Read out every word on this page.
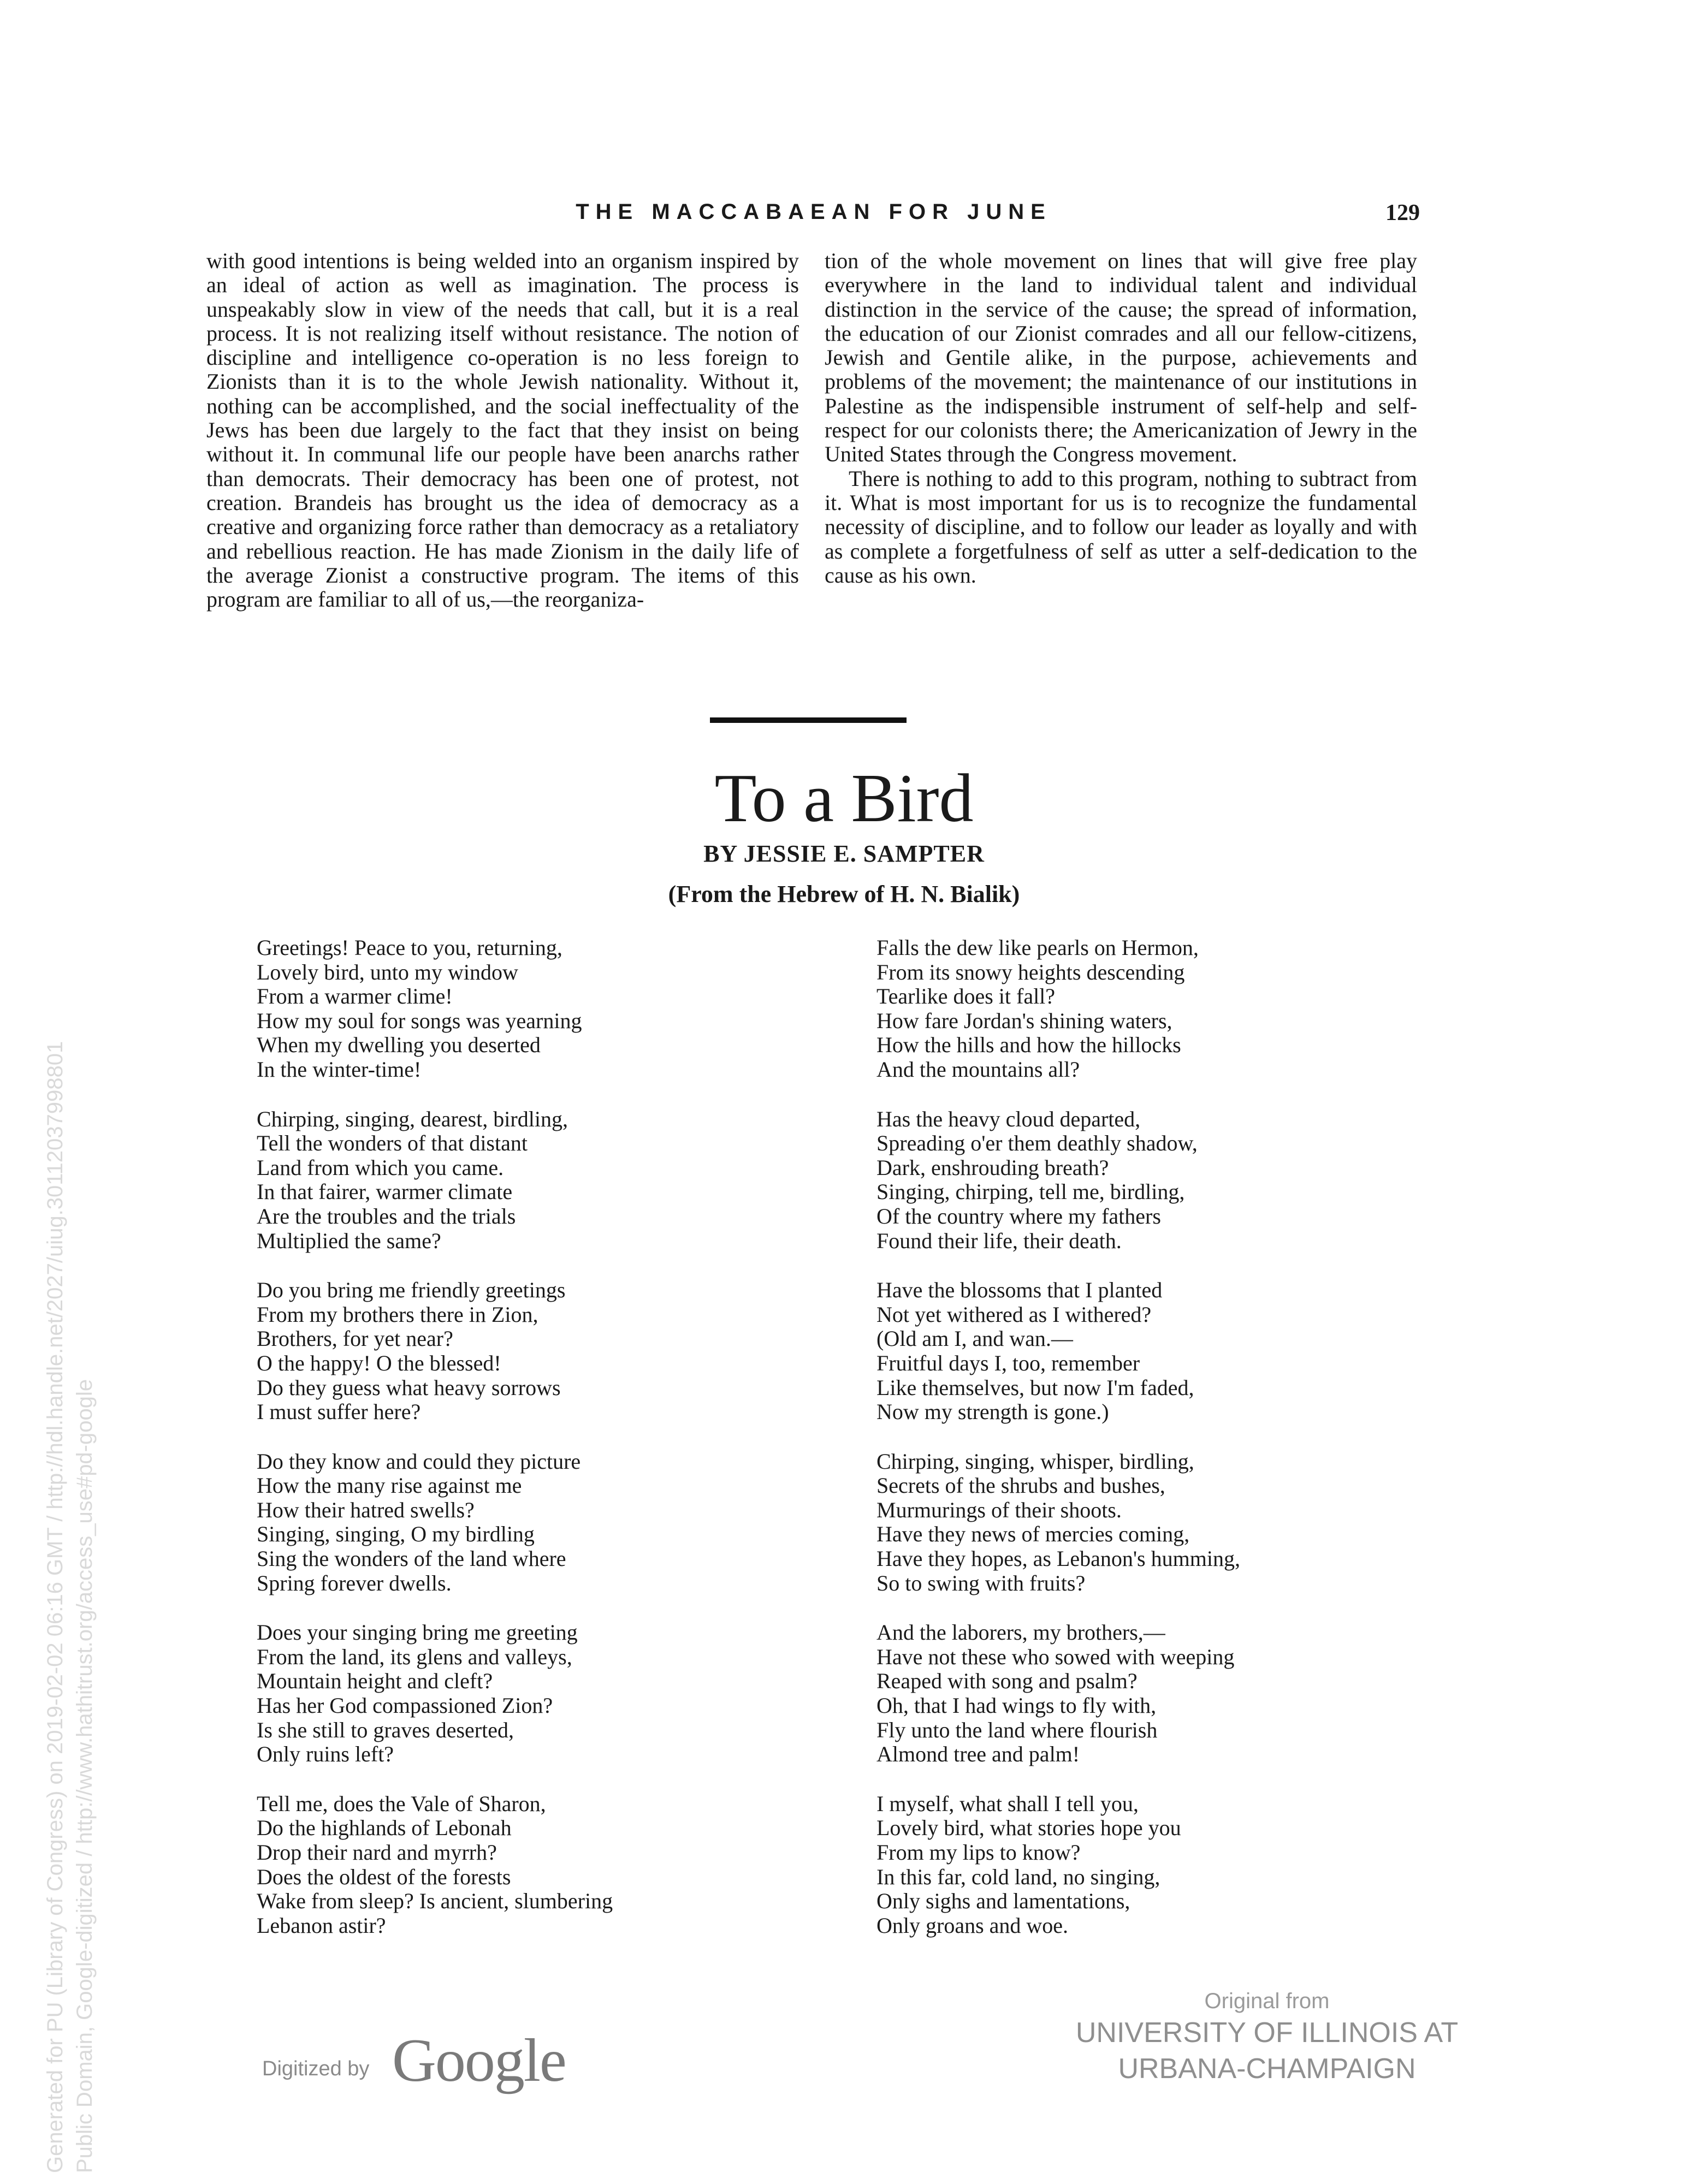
THE MACCABAEAN FOR JUNE	129

with good intentions is being welded into an organism inspired by an ideal of action as well as imagination. The process is unspeakably slow in view of the needs that call, but it is a real process. It is not realizing itself without resistance. The notion of discipline and intelligence co-operation is no less foreign to Zionists than it is to the whole Jewish nationality. Without it, nothing can be accomplished, and the social ineffectuality of the Jews has been due largely to the fact that they insist on being without it. In communal life our people have been anarchs rather than democrats. Their democracy has been one of protest, not creation. Brandeis has brought us the idea of democracy as a creative and organizing force rather than democracy as a retaliatory and rebellious reaction. He has made Zionism in the daily life of the average Zionist a constructive program. The items of this program are familiar to all of us,—the reorganiza-

tion of the whole movement on lines that will give free play everywhere in the land to individual talent and individual distinction in the service of the cause; the spread of information, the education of our Zionist comrades and all our fellow-citizens, Jewish and Gentile alike, in the purpose, achievements and problems of the movement; the maintenance of our institutions in Palestine as the indispensible instrument of self-help and self-respect for our colonists there; the Americanization of Jewry in the United States through the Congress movement.

There is nothing to add to this program, nothing to subtract from it. What is most important for us is to recognize the fundamental necessity of discipline, and to follow our leader as loyally and with as complete a forgetfulness of self as utter a self-dedication to the cause as his own.

To a Bird
BY JESSIE E. SAMPTER
(From the Hebrew of H. N. Bialik)
Greetings! Peace to you, returning,
Lovely bird, unto my window
From a warmer clime!
How my soul for songs was yearning
When my dwelling you deserted
In the winter-time!
Chirping, singing, dearest, birdling,
Tell the wonders of that distant
Land from which you came.
In that fairer, warmer climate
Are the troubles and the trials
Multiplied the same?
Do you bring me friendly greetings
From my brothers there in Zion,
Brothers, for yet near?
O the happy! O the blessed!
Do they guess what heavy sorrows
I must suffer here?
Do they know and could they picture
How the many rise against me
How their hatred swells?
Singing, singing, O my birdling
Sing the wonders of the land where
Spring forever dwells.
Does your singing bring me greeting
From the land, its glens and valleys,
Mountain height and cleft?
Has her God compassioned Zion?
Is she still to graves deserted,
Only ruins left?
Tell me, does the Vale of Sharon,
Do the highlands of Lebonah
Drop their nard and myrrh?
Does the oldest of the forests
Wake from sleep? Is ancient, slumbering
Lebanon astir?
Falls the dew like pearls on Hermon,
From its snowy heights descending
Tearlike does it fall?
How fare Jordan's shining waters,
How the hills and how the hillocks
And the mountains all?
Has the heavy cloud departed,
Spreading o'er them deathly shadow,
Dark, enshrouding breath?
Singing, chirping, tell me, birdling,
Of the country where my fathers
Found their life, their death.
Have the blossoms that I planted
Not yet withered as I withered?
(Old am I, and wan.—
Fruitful days I, too, remember
Like themselves, but now I'm faded,
Now my strength is gone.)
Chirping, singing, whisper, birdling,
Secrets of the shrubs and bushes,
Murmurings of their shoots.
Have they news of mercies coming,
Have they hopes, as Lebanon's humming,
So to swing with fruits?
And the laborers, my brothers,—
Have not these who sowed with weeping
Reaped with song and psalm?
Oh, that I had wings to fly with,
Fly unto the land where flourish
Almond tree and palm!
I myself, what shall I tell you,
Lovely bird, what stories hope you
From my lips to know?
In this far, cold land, no singing,
Only sighs and lamentations,
Only groans and woe.
Digitized by Google
Original from
UNIVERSITY OF ILLINOIS AT
URBANA-CHAMPAIGN
Generated for PU (Library of Congress) on 2019-02-02 06:16 GMT / http://hdl.handle.net/2027/uiug.30112037998801 Public Domain, Google-digitized / http://www.hathitrust.org/access_use#pd-google
